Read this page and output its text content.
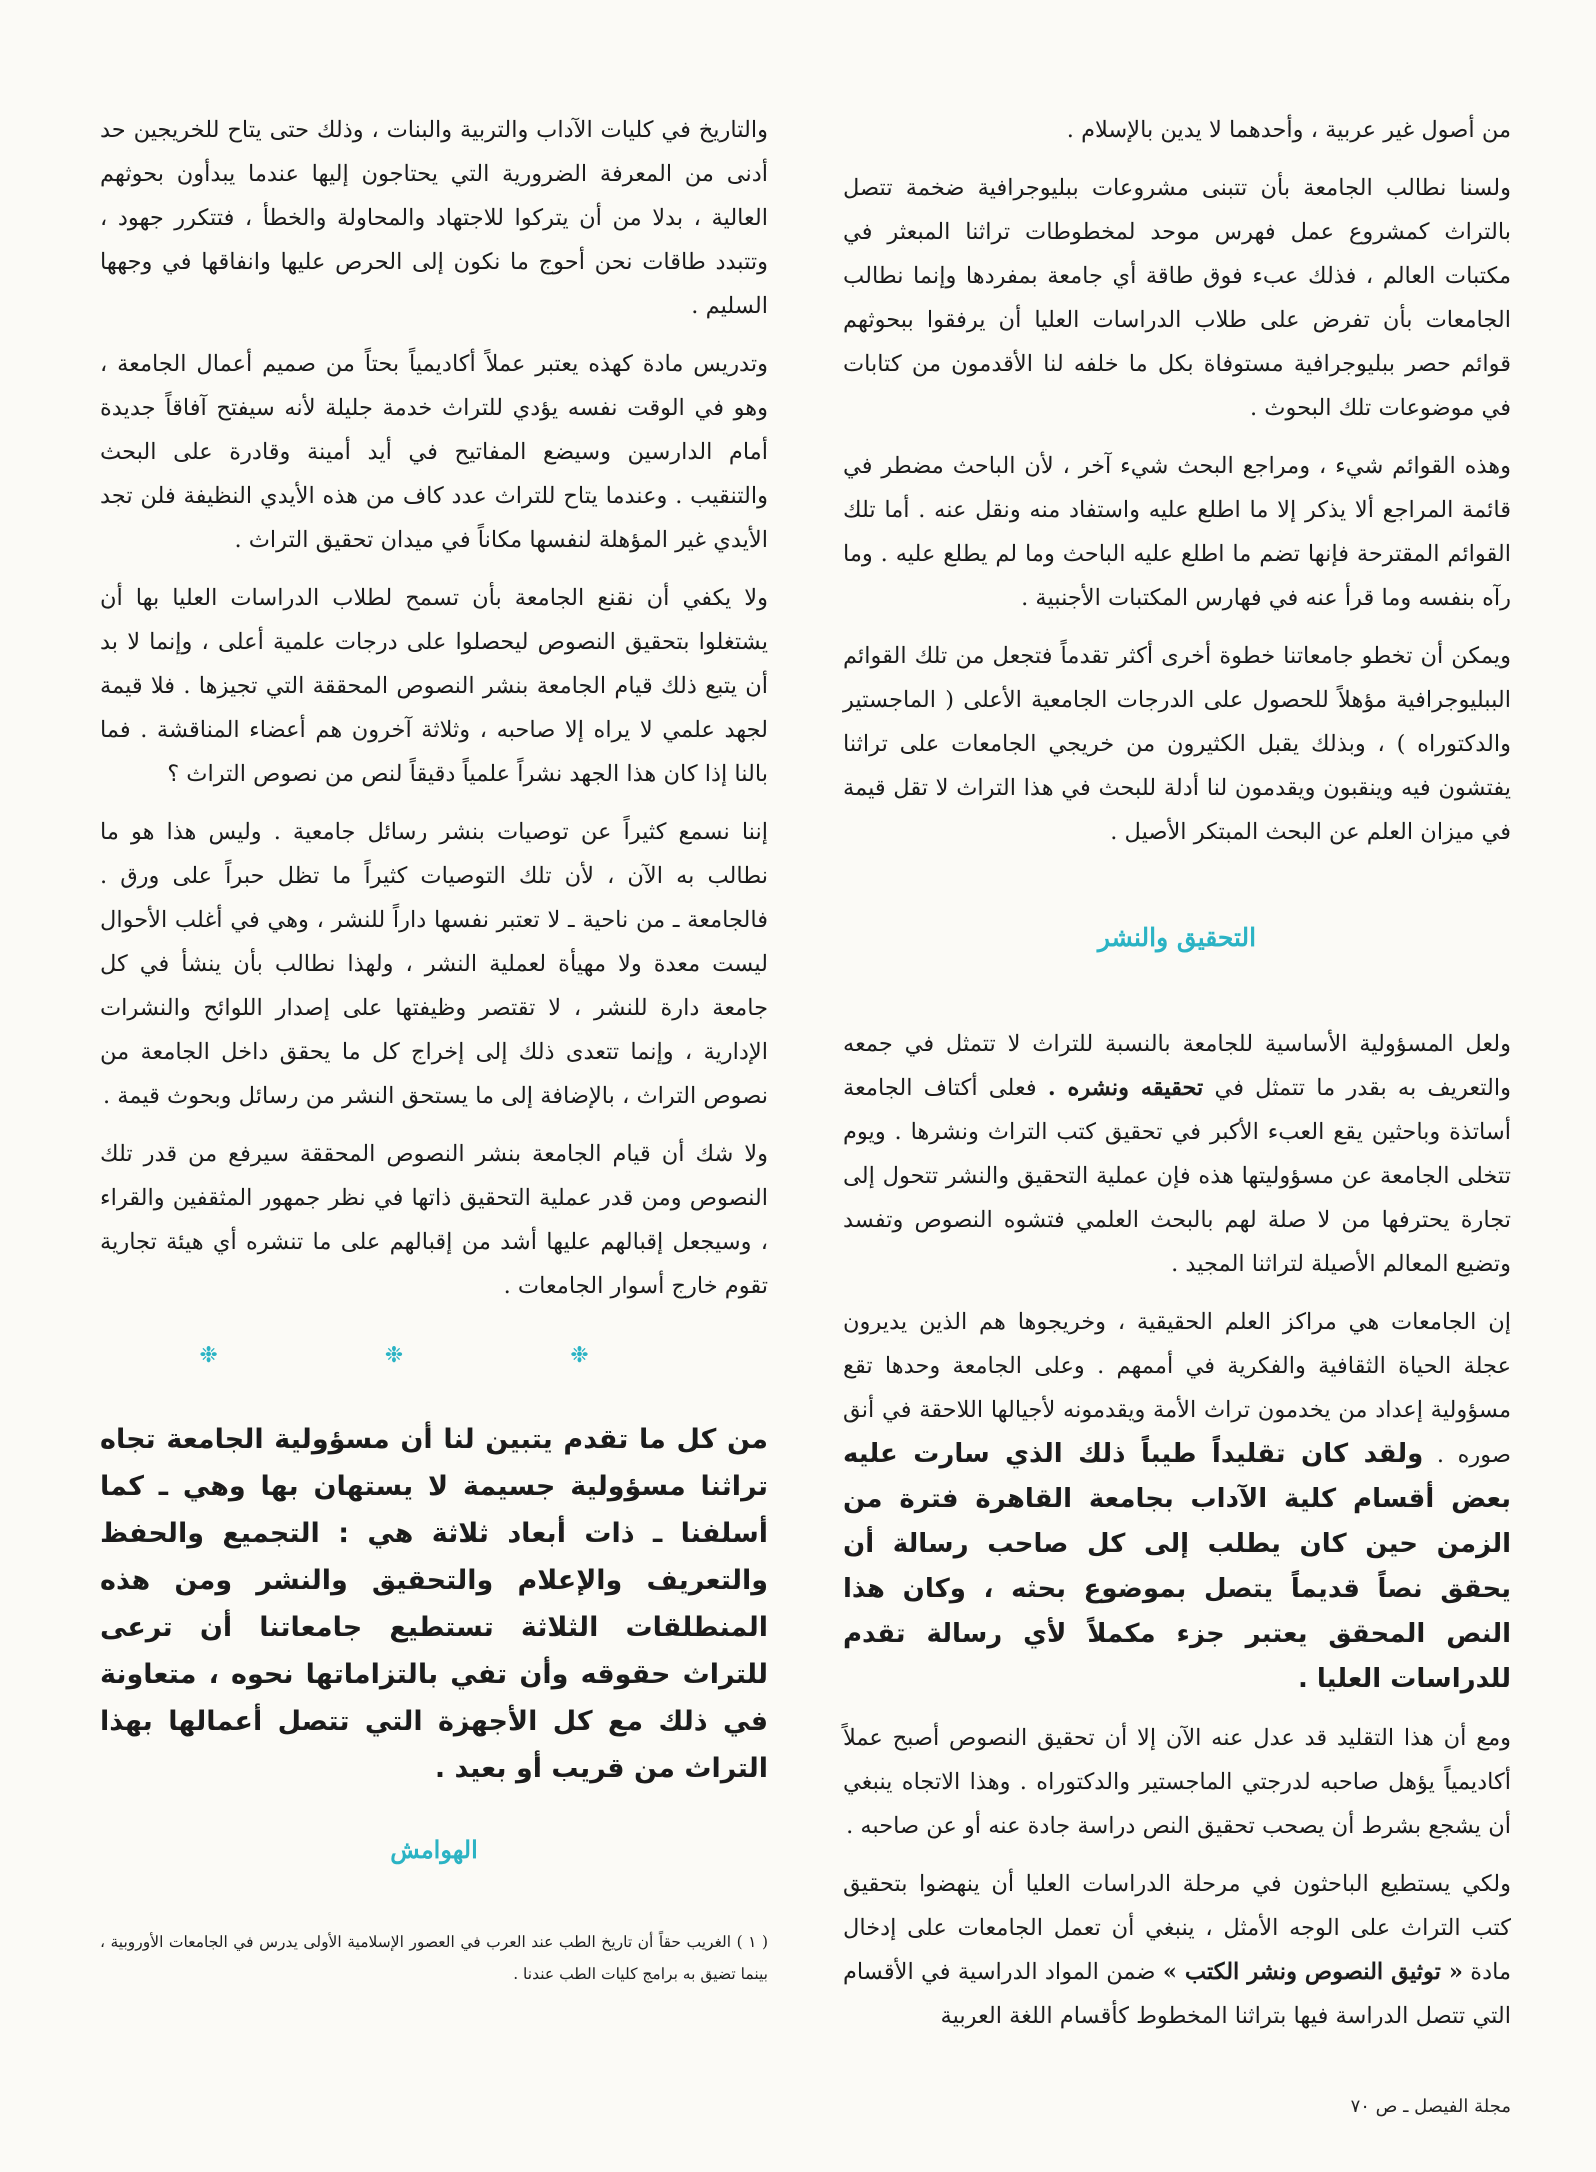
من أصول غير عربية ، وأحدهما لا يدين بالإسلام .

ولسنا نطالب الجامعة بأن تتبنى مشروعات ببليوجرافية ضخمة تتصل بالتراث كمشروع عمل فهرس موحد لمخطوطات تراثنا المبعثر في مكتبات العالم ، فذلك عبء فوق طاقة أي جامعة بمفردها وإنما نطالب الجامعات بأن تفرض على طلاب الدراسات العليا أن يرفقوا ببحوثهم قوائم حصر ببليوجرافية مستوفاة بكل ما خلفه لنا الأقدمون من كتابات في موضوعات تلك البحوث .

وهذه القوائم شيء ، ومراجع البحث شيء آخر ، لأن الباحث مضطر في قائمة المراجع ألا يذكر إلا ما اطلع عليه واستفاد منه ونقل عنه . أما تلك القوائم المقترحة فإنها تضم ما اطلع عليه الباحث وما لم يطلع عليه . وما رآه بنفسه وما قرأ عنه في فهارس المكتبات الأجنبية .

ويمكن أن تخطو جامعاتنا خطوة أخرى أكثر تقدماً فتجعل من تلك القوائم الببليوجرافية مؤهلاً للحصول على الدرجات الجامعية الأعلى ( الماجستير والدكتوراه ) ، وبذلك يقبل الكثيرون من خريجي الجامعات على تراثنا يفتشون فيه وينقبون ويقدمون لنا أدلة للبحث في هذا التراث لا تقل قيمة في ميزان العلم عن البحث المبتكر الأصيل .

التحقيق والنشر

ولعل المسؤولية الأساسية للجامعة بالنسبة للتراث لا تتمثل في جمعه والتعريف به بقدر ما تتمثل في تحقيقه ونشره . فعلى أكتاف الجامعة أساتذة وباحثين يقع العبء الأكبر في تحقيق كتب التراث ونشرها . ويوم تتخلى الجامعة عن مسؤوليتها هذه فإن عملية التحقيق والنشر تتحول إلى تجارة يحترفها من لا صلة لهم بالبحث العلمي فتشوه النصوص وتفسد وتضيع المعالم الأصيلة لتراثنا المجيد .

إن الجامعات هي مراكز العلم الحقيقية ، وخريجوها هم الذين يديرون عجلة الحياة الثقافية والفكرية في أممهم . وعلى الجامعة وحدها تقع مسؤولية إعداد من يخدمون تراث الأمة ويقدمونه لأجيالها اللاحقة في أنق صوره . ولقد كان تقليداً طيباً ذلك الذي سارت عليه بعض أقسام كلية الآداب بجامعة القاهرة فترة من الزمن حين كان يطلب إلى كل صاحب رسالة أن يحقق نصاً قديماً يتصل بموضوع بحثه ، وكان هذا النص المحقق يعتبر جزء مكملاً لأي رسالة تقدم للدراسات العليا .

ومع أن هذا التقليد قد عدل عنه الآن إلا أن تحقيق النصوص أصبح عملاً أكاديمياً يؤهل صاحبه لدرجتي الماجستير والدكتوراه . وهذا الاتجاه ينبغي أن يشجع بشرط أن يصحب تحقيق النص دراسة جادة عنه أو عن صاحبه .

ولكي يستطيع الباحثون في مرحلة الدراسات العليا أن ينهضوا بتحقيق كتب التراث على الوجه الأمثل ، ينبغي أن تعمل الجامعات على إدخال مادة « توثيق النصوص ونشر الكتب » ضمن المواد الدراسية في الأقسام التي تتصل الدراسة فيها بتراثنا المخطوط كأقسام اللغة العربية

والتاريخ في كليات الآداب والتربية والبنات ، وذلك حتى يتاح للخريجين حد أدنى من المعرفة الضرورية التي يحتاجون إليها عندما يبدأون بحوثهم العالية ، بدلا من أن يتركوا للاجتهاد والمحاولة والخطأ ، فتتكرر جهود ، وتتبدد طاقات نحن أحوج ما نكون إلى الحرص عليها وانفاقها في وجهها السليم .

وتدريس مادة كهذه يعتبر عملاً أكاديمياً بحتاً من صميم أعمال الجامعة ، وهو في الوقت نفسه يؤدي للتراث خدمة جليلة لأنه سيفتح آفاقاً جديدة أمام الدارسين وسيضع المفاتيح في أيد أمينة وقادرة على البحث والتنقيب . وعندما يتاح للتراث عدد كاف من هذه الأيدي النظيفة فلن تجد الأيدي غير المؤهلة لنفسها مكاناً في ميدان تحقيق التراث .

ولا يكفي أن نقنع الجامعة بأن تسمح لطلاب الدراسات العليا بها أن يشتغلوا بتحقيق النصوص ليحصلوا على درجات علمية أعلى ، وإنما لا بد أن يتبع ذلك قيام الجامعة بنشر النصوص المحققة التي تجيزها . فلا قيمة لجهد علمي لا يراه إلا صاحبه ، وثلاثة آخرون هم أعضاء المناقشة . فما بالنا إذا كان هذا الجهد نشراً علمياً دقيقاً لنص من نصوص التراث ؟

إننا نسمع كثيراً عن توصيات بنشر رسائل جامعية . وليس هذا هو ما نطالب به الآن ، لأن تلك التوصيات كثيراً ما تظل حبراً على ورق . فالجامعة ـ من ناحية ـ لا تعتبر نفسها داراً للنشر ، وهي في أغلب الأحوال ليست معدة ولا مهيأة لعملية النشر ، ولهذا نطالب بأن ينشأ في كل جامعة دارة للنشر ، لا تقتصر وظيفتها على إصدار اللوائح والنشرات الإدارية ، وإنما تتعدى ذلك إلى إخراج كل ما يحقق داخل الجامعة من نصوص التراث ، بالإضافة إلى ما يستحق النشر من رسائل وبحوث قيمة .

ولا شك أن قيام الجامعة بنشر النصوص المحققة سيرفع من قدر تلك النصوص ومن قدر عملية التحقيق ذاتها في نظر جمهور المثقفين والقراء ، وسيجعل إقبالهم عليها أشد من إقبالهم على ما تنشره أي هيئة تجارية تقوم خارج أسوار الجامعات .

❉ ❉ ❉

من كل ما تقدم يتبين لنا أن مسؤولية الجامعة تجاه تراثنا مسؤولية جسيمة لا يستهان بها وهي ـ كما أسلفنا ـ ذات أبعاد ثلاثة هي : التجميع والحفظ والتعريف والإعلام والتحقيق والنشر ومن هذه المنطلقات الثلاثة تستطيع جامعاتنا أن ترعى للتراث حقوقه وأن تفي بالتزاماتها نحوه ، متعاونة في ذلك مع كل الأجهزة التي تتصل أعمالها بهذا التراث من قريب أو بعيد .

الهوامش

( ١ ) الغريب حقاً أن تاريخ الطب عند العرب في العصور الإسلامية الأولى يدرس في الجامعات الأوروبية ، بينما تضيق به برامج كليات الطب عندنا .

مجلة الفيصل ـ ص ٧٠
